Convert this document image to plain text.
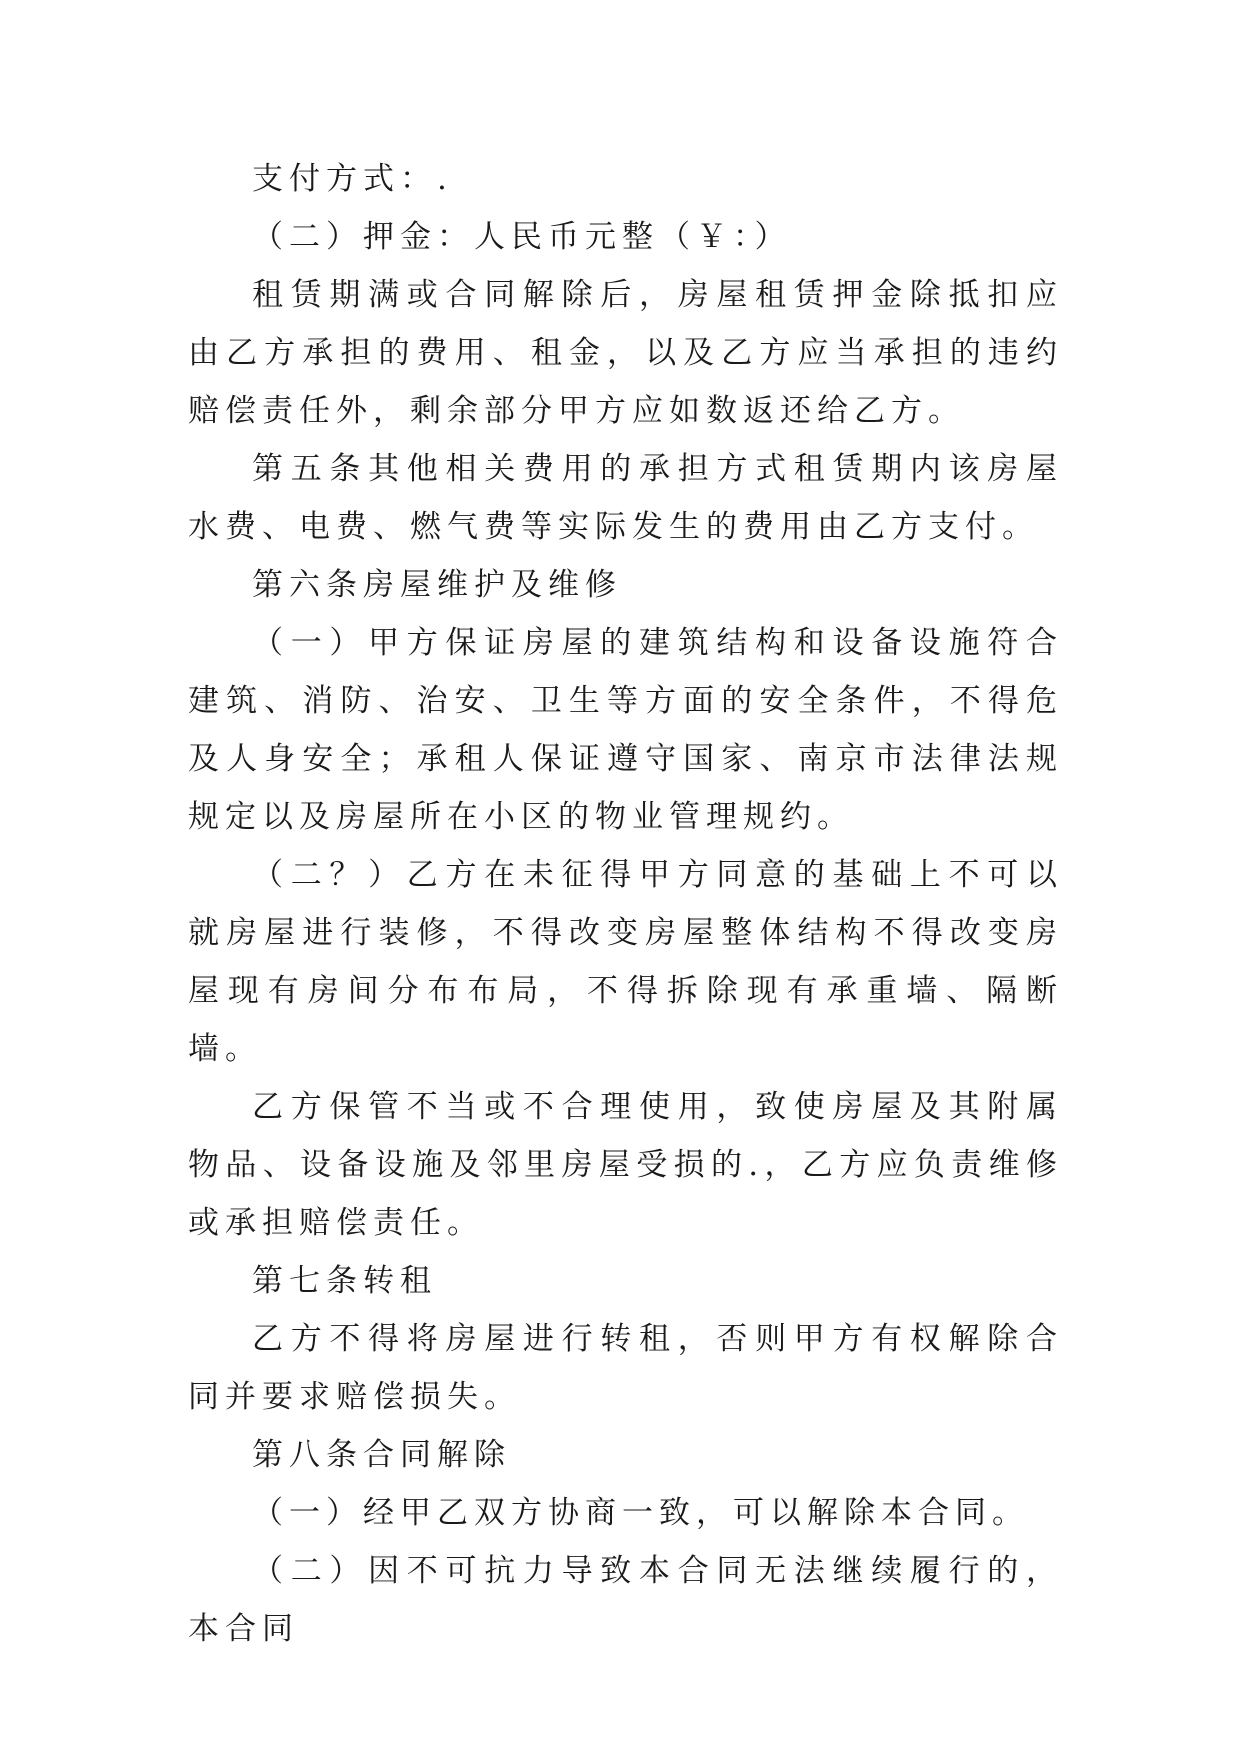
支付方式：.

（二）押金：人民币元整（￥：）

租赁期满或合同解除后，房屋租赁押金除抵扣应由乙方承担的费用、租金，以及乙方应当承担的违约赔偿责任外，剩余部分甲方应如数返还给乙方。

第五条其他相关费用的承担方式租赁期内该房屋水费、电费、燃气费等实际发生的费用由乙方支付。

第六条房屋维护及维修

（一）甲方保证房屋的建筑结构和设备设施符合建筑、消防、治安、卫生等方面的安全条件，不得危及人身安全；承租人保证遵守国家、南京市法律法规规定以及房屋所在小区的物业管理规约。

（二？）乙方在未征得甲方同意的基础上不可以就房屋进行装修，不得改变房屋整体结构不得改变房屋现有房间分布布局，不得拆除现有承重墙、隔断墙。

乙方保管不当或不合理使用，致使房屋及其附属物品、设备设施及邻里房屋受损的.，乙方应负责维修或承担赔偿责任。

第七条转租

乙方不得将房屋进行转租，否则甲方有权解除合同并要求赔偿损失。

第八条合同解除

（一）经甲乙双方协商一致，可以解除本合同。

（二）因不可抗力导致本合同无法继续履行的，本合同
